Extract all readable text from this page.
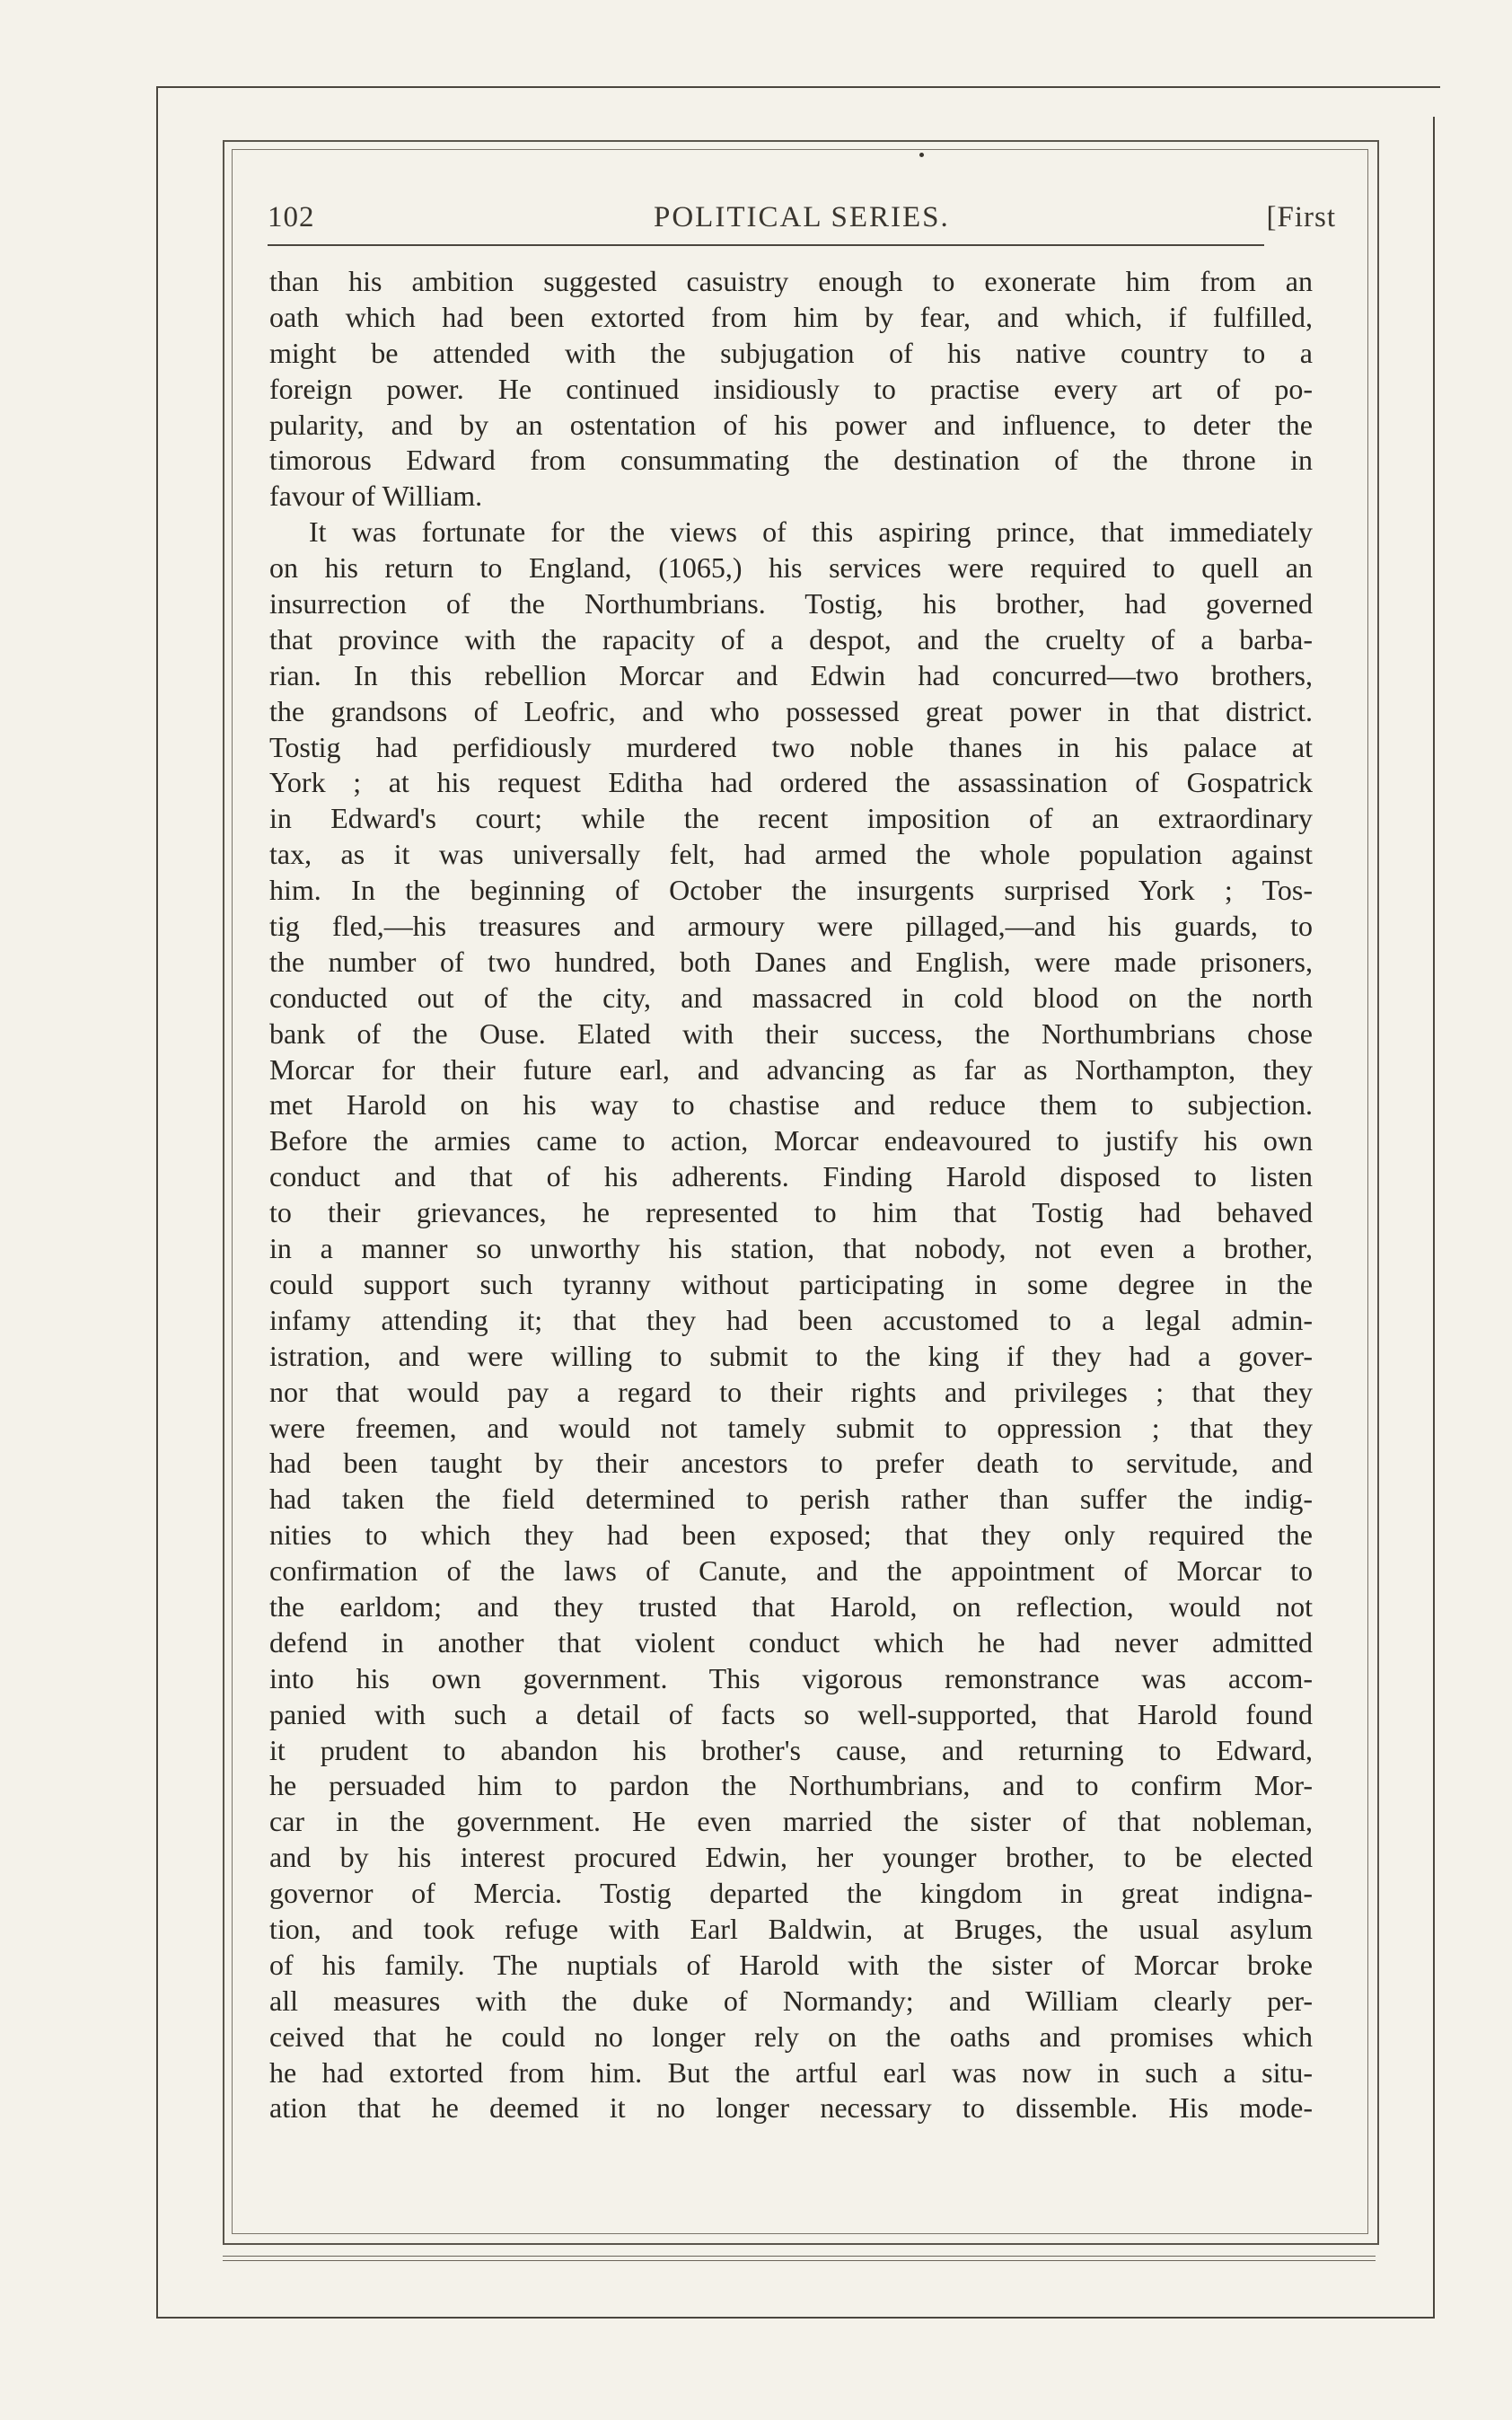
102	POLITICAL SERIES.	[First
than his ambition suggested casuistry enough to exonerate him from an
oath which had been extorted from him by fear, and which, if fulfilled,
might be attended with the subjugation of his native country to a
foreign power. He continued insidiously to practise every art of po-
pularity, and by an ostentation of his power and influence, to deter the
timorous Edward from consummating the destination of the throne in
favour of William.
It was fortunate for the views of this aspiring prince, that immediately
on his return to England, (1065,) his services were required to quell an
insurrection of the Northumbrians. Tostig, his brother, had governed
that province with the rapacity of a despot, and the cruelty of a barba-
rian. In this rebellion Morcar and Edwin had concurred—two brothers,
the grandsons of Leofric, and who possessed great power in that district.
Tostig had perfidiously murdered two noble thanes in his palace at
York ; at his request Editha had ordered the assassination of Gospatrick
in Edward's court; while the recent imposition of an extraordinary
tax, as it was universally felt, had armed the whole population against
him. In the beginning of October the insurgents surprised York ; Tos-
tig fled,—his treasures and armoury were pillaged,—and his guards, to
the number of two hundred, both Danes and English, were made prisoners,
conducted out of the city, and massacred in cold blood on the north
bank of the Ouse. Elated with their success, the Northumbrians chose
Morcar for their future earl, and advancing as far as Northampton, they
met Harold on his way to chastise and reduce them to subjection.
Before the armies came to action, Morcar endeavoured to justify his own
conduct and that of his adherents. Finding Harold disposed to listen
to their grievances, he represented to him that Tostig had behaved
in a manner so unworthy his station, that nobody, not even a brother,
could support such tyranny without participating in some degree in the
infamy attending it; that they had been accustomed to a legal admin-
istration, and were willing to submit to the king if they had a gover-
nor that would pay a regard to their rights and privileges ; that they
were freemen, and would not tamely submit to oppression ; that they
had been taught by their ancestors to prefer death to servitude, and
had taken the field determined to perish rather than suffer the indig-
nities to which they had been exposed; that they only required the
confirmation of the laws of Canute, and the appointment of Morcar to
the earldom; and they trusted that Harold, on reflection, would not
defend in another that violent conduct which he had never admitted
into his own government. This vigorous remonstrance was accom-
panied with such a detail of facts so well-supported, that Harold found
it prudent to abandon his brother's cause, and returning to Edward,
he persuaded him to pardon the Northumbrians, and to confirm Mor-
car in the government. He even married the sister of that nobleman,
and by his interest procured Edwin, her younger brother, to be elected
governor of Mercia. Tostig departed the kingdom in great indigna-
tion, and took refuge with Earl Baldwin, at Bruges, the usual asylum
of his family. The nuptials of Harold with the sister of Morcar broke
all measures with the duke of Normandy; and William clearly per-
ceived that he could no longer rely on the oaths and promises which
he had extorted from him. But the artful earl was now in such a situ-
ation that he deemed it no longer necessary to dissemble. His mode-
